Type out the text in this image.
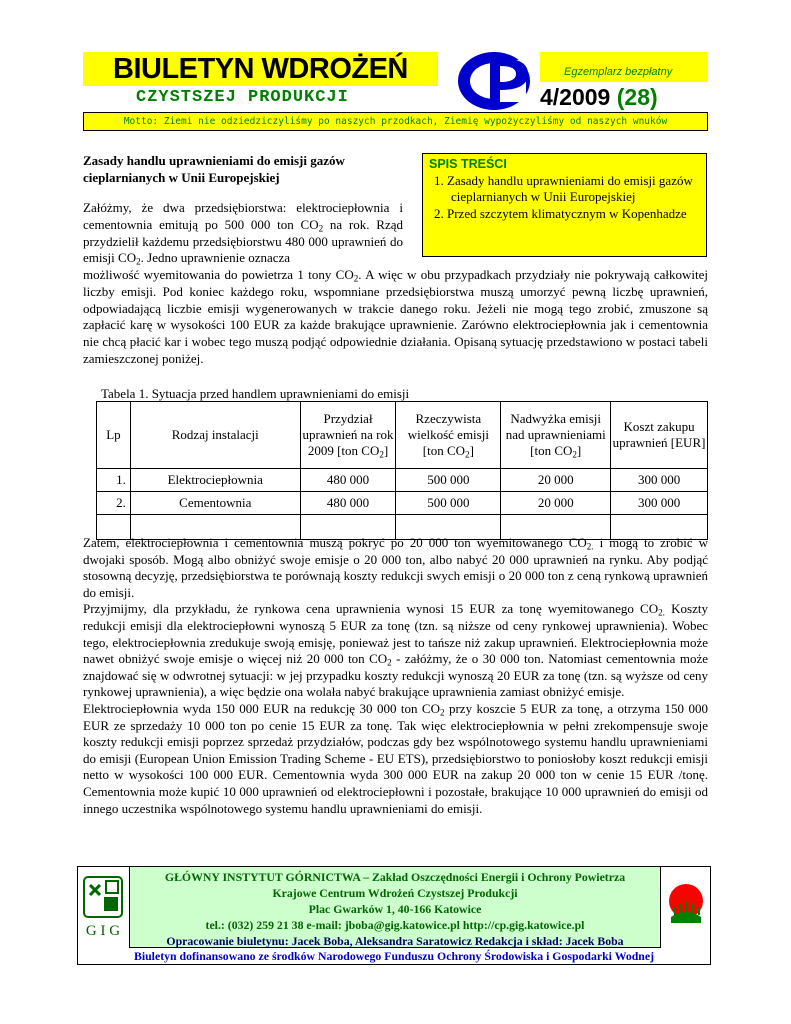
BIULETYN WDROŻEŃ
CZYSTSZEJ PRODUKCJI
Egzemplarz bezpłatny
4/2009 (28)
Motto: Ziemi nie odziedziczyliśmy po naszych przodkach, Ziemię wypożyczyliśmy od naszych wnuków
Zasady handlu uprawnieniami do emisji gazów cieplarnianych w Unii Europejskiej
SPIS TREŚCI
1. Zasady handlu uprawnieniami do emisji gazów cieplarnianych w Unii Europejskiej
2. Przed szczytem klimatycznym w Kopenhadze
Załóżmy, że dwa przedsiębiorstwa: elektrociepłownia i cementownia emitują po 500 000 ton $CO_2$ na rok. Rząd przydzielił każdemu przedsiębiorstwu 480 000 uprawnień do emisji $CO_2$. Jedno uprawnienie oznacza
możliwość wyemitowania do powietrza 1 tony $CO_2$. A więc w obu przypadkach przydziały nie pokrywają całkowitej liczby emisji. Pod koniec każdego roku, wspomniane przedsiębiorstwa muszą umorzyć pewną liczbę uprawnień, odpowiadającą liczbie emisji wygenerowanych w trakcie danego roku. Jeżeli nie mogą tego zrobić, zmuszone są zapłacić karę w wysokości 100 EUR za każde brakujące uprawnienie. Zarówno elektrociepłownia jak i cementownia nie chcą płacić kar i wobec tego muszą podjąć odpowiednie działania. Opisaną sytuację przedstawiono w postaci tabeli zamieszczonej poniżej.
Tabela 1. Sytuacja przed handlem uprawnieniami do emisji
Lp	Rodzaj instalacji	Przydział uprawnień na rok 2009 [ton $CO_2$]	Rzeczywista wielkość emisji [ton $CO_2$]	Nadwyżka emisji nad uprawnieniami [ton $CO_2$]	Koszt zakupu uprawnień [EUR]
1.	Elektrociepłownia	480 000	500 000	20 000	300 000
2.	Cementownia	480 000	500 000	20 000	300 000

Zatem, elektrociepłownia i cementownia muszą pokryć po 20 000 ton wyemitowanego $CO_{2.}$ i mogą to zrobić w dwojaki sposób. Mogą albo obniżyć swoje emisje o 20 000 ton, albo nabyć 20 000 uprawnień na rynku. Aby podjąć stosowną decyzję, przedsiębiorstwa te porównają koszty redukcji swych emisji o 20 000 ton z ceną rynkową uprawnień do emisji.

Przyjmijmy, dla przykładu, że rynkowa cena uprawnienia wynosi 15 EUR za tonę wyemitowanego $CO_{2.}$ Koszty redukcji emisji dla elektrociepłowni wynoszą 5 EUR za tonę (tzn. są niższe od ceny rynkowej uprawnienia). Wobec tego, elektrociepłownia zredukuje swoją emisję, ponieważ jest to tańsze niż zakup uprawnień. Elektrociepłownia może nawet obniżyć swoje emisje o więcej niż 20 000 ton $CO_2$ - załóżmy, że o 30 000 ton. Natomiast cementownia może znajdować się w odwrotnej sytuacji: w jej przypadku koszty redukcji wynoszą 20 EUR za tonę (tzn. są wyższe od ceny rynkowej uprawnienia), a więc będzie ona wolała nabyć brakujące uprawnienia zamiast obniżyć emisje.

Elektrociepłownia wyda 150 000 EUR na redukcję 30 000 ton $CO_2$ przy koszcie 5 EUR za tonę, a otrzyma 150 000 EUR ze sprzedaży 10 000 ton po cenie 15 EUR za tonę. Tak więc elektrociepłownia w pełni zrekompensuje swoje koszty redukcji emisji poprzez sprzedaż przydziałów, podczas gdy bez wspólnotowego systemu handlu uprawnieniami do emisji (European Union Emission Trading Scheme - EU ETS), przedsiębiorstwo to poniosłoby koszt redukcji emisji netto w wysokości 100 000 EUR. Cementownia wyda 300 000 EUR na zakup 20 000 ton w cenie 15 EUR /tonę. Cementownia może kupić 10 000 uprawnień od elektrociepłowni i pozostałe, brakujące 10 000 uprawnień do emisji od innego uczestnika wspólnotowego systemu handlu uprawnieniami do emisji.

G I G
GŁÓWNY INSTYTUT GÓRNICTWA – Zakład Oszczędności Energii i Ochrony Powietrza
Krajowe Centrum Wdrożeń Czystszej Produkcji
Plac Gwarków 1, 40-166 Katowice
tel.: (032) 259 21 38 e-mail: jboba@gig.katowice.pl http://cp.gig.katowice.pl
Opracowanie biuletynu: Jacek Boba, Aleksandra Saratowicz Redakcja i skład: Jacek Boba
Biuletyn dofinansowano ze środków Narodowego Funduszu Ochrony Środowiska i Gospodarki Wodnej
